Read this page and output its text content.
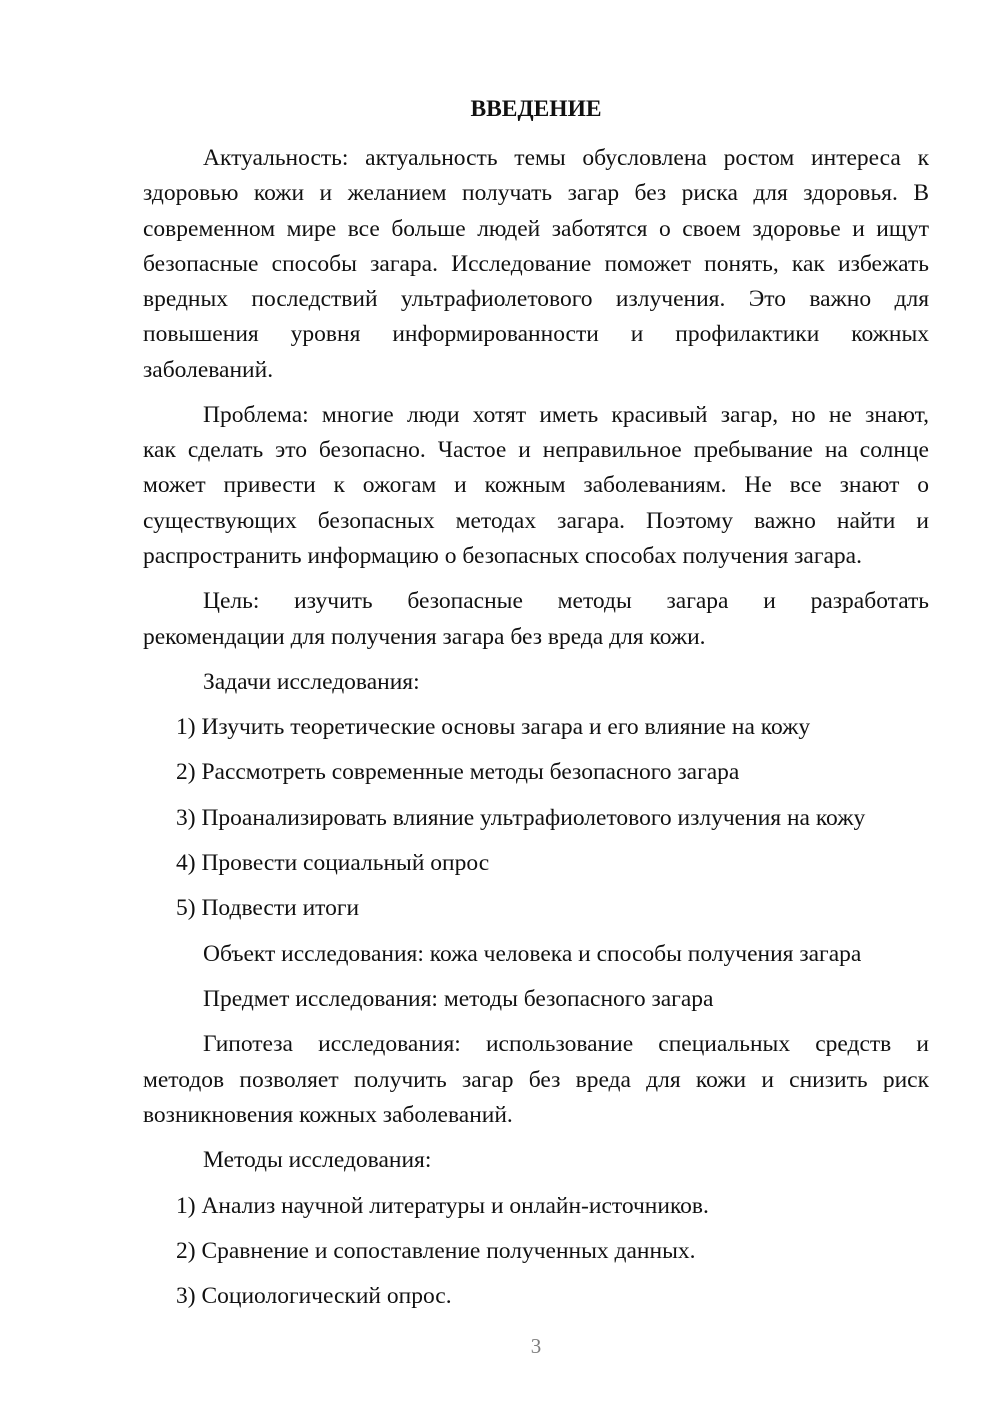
ВВЕДЕНИЕ
Актуальность: актуальность темы обусловлена ростом интереса к
здоровью кожи и желанием получать загар без риска для здоровья. В
современном мире все больше людей заботятся о своем здоровье и ищут
безопасные способы загара. Исследование поможет понять, как избежать
вредных последствий ультрафиолетового излучения. Это важно для
повышения уровня информированности и профилактики кожных
заболеваний.
Проблема: многие люди хотят иметь красивый загар, но не знают,
как сделать это безопасно. Частое и неправильное пребывание на солнце
может привести к ожогам и кожным заболеваниям. Не все знают о
существующих безопасных методах загара. Поэтому важно найти и
распространить информацию о безопасных способах получения загара.
Цель: изучить безопасные методы загара и разработать
рекомендации для получения загара без вреда для кожи.
Задачи исследования:
1) Изучить теоретические основы загара и его влияние на кожу
2) Рассмотреть современные методы безопасного загара
3) Проанализировать влияние ультрафиолетового излучения на кожу
4) Провести социальный опрос
5) Подвести итоги
Объект исследования: кожа человека и способы получения загара
Предмет исследования: методы безопасного загара
Гипотеза исследования: использование специальных средств и
методов позволяет получить загар без вреда для кожи и снизить риск
возникновения кожных заболеваний.
Методы исследования:
1) Анализ научной литературы и онлайн-источников.
2) Сравнение и сопоставление полученных данных.
3) Социологический опрос.
3
